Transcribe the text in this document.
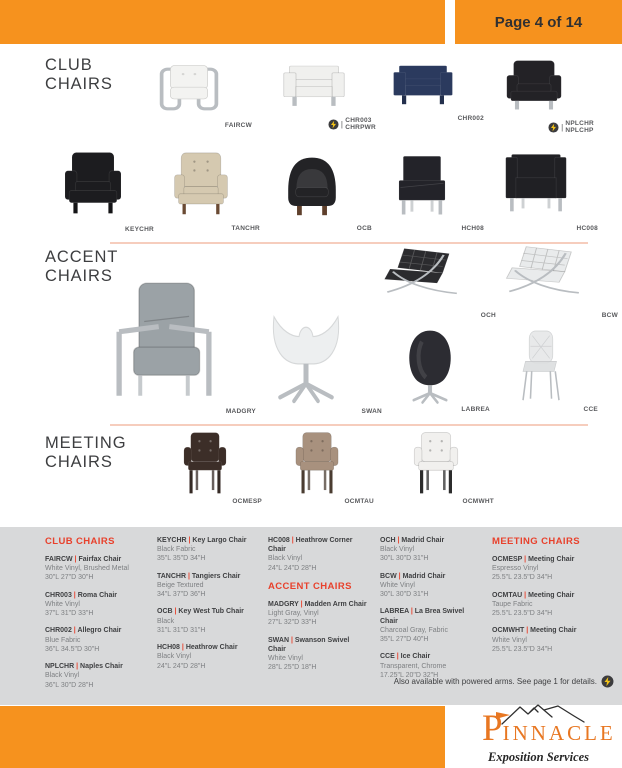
Page 4 of 14
CLUB
CHAIRS
ACCENT
CHAIRS
MEETING
CHAIRS
FAIRCW	| CHR003
CHRPWR
CHR002
| NPLCHR
NPLCHP
KEYCHR	TANCHR	OCB	HCH08	HC008
MADGRY	SWAN
OCH	BCW
LABREA	CCE
OCMESP	OCMTAU	OCMWHT
CLUB CHAIRS
FAIRCW | Fairfax Chair
White Vinyl, Brushed Metal
30"L 27"D 30"H
CHR003 | Roma Chair
White Vinyl
37"L 31"D 33"H
CHR002 | Allegro Chair
Blue Fabric
36"L 34.5"D 30"H
NPLCHR | Naples Chair
Black Vinyl
36"L 30"D 28"H
KEYCHR | Key Largo Chair
Black Fabric
35"L 35"D 34"H
TANCHR | Tangiers Chair
Beige Textured
34"L 37"D 36"H
OCB | Key West Tub Chair
Black
31"L 31"D 31"H
HCH08 | Heathrow Chair
Black Vinyl
24"L 24"D 28"H
HC008 | Heathrow Corner Chair
Black Vinyl
24"L 24"D 28"H
ACCENT CHAIRS
MADGRY | Madden Arm Chair
Light Gray, Vinyl
27"L 32"D 33"H
SWAN | Swanson Swivel Chair
White Vinyl
28"L 25"D 18"H
OCH | Madrid Chair
Black Vinyl
30"L 30"D 31"H
BCW | Madrid Chair
White Vinyl
30"L 30"D 31"H
LABREA | La Brea Swivel Chair
Charcoal Gray, Fabric
35"L 27"D 40"H
CCE | Ice Chair
Transparent, Chrome
17.25"L 20"D 32"H
MEETING CHAIRS
OCMESP | Meeting Chair
Espresso Vinyl
25.5"L 23.5"D 34"H
OCMTAU | Meeting Chair
Taupe Fabric
25.5"L 23.5"D 34"H
OCMWHT | Meeting Chair
White Vinyl
25.5"L 23.5"D 34"H
Also available with powered arms. See page 1 for details.
PINNACLE
Exposition Services
